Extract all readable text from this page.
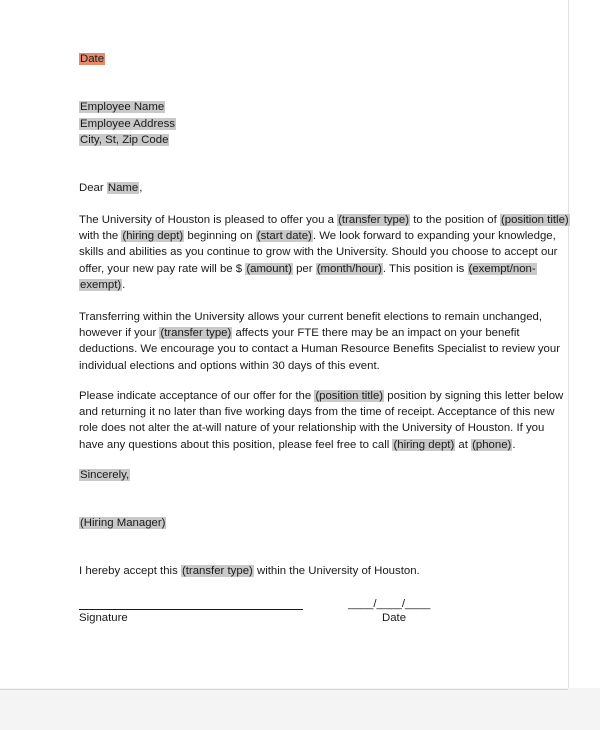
Date
Employee Name
Employee Address
City, St, Zip Code
Dear Name,
The University of Houston is pleased to offer you a (transfer type) to the position of (position title)
with the (hiring dept) beginning on (start date). We look forward to expanding your knowledge,
skills and abilities as you continue to grow with the University. Should you choose to accept our
offer, your new pay rate will be $ (amount) per (month/hour). This position is (exempt/non-
exempt).
Transferring within the University allows your current benefit elections to remain unchanged,
however if your (transfer type) affects your FTE there may be an impact on your benefit
deductions. We encourage you to contact a Human Resource Benefits Specialist to review your
individual elections and options within 30 days of this event.
Please indicate acceptance of our offer for the (position title) position by signing this letter below
and returning it no later than five working days from the time of receipt. Acceptance of this new
role does not alter the at-will nature of your relationship with the University of Houston. If you
have any questions about this position, please feel free to call (hiring dept) at (phone).
Sincerely,
(Hiring Manager)
I hereby accept this (transfer type) within the University of Houston.
____/____/____
Signature	Date
